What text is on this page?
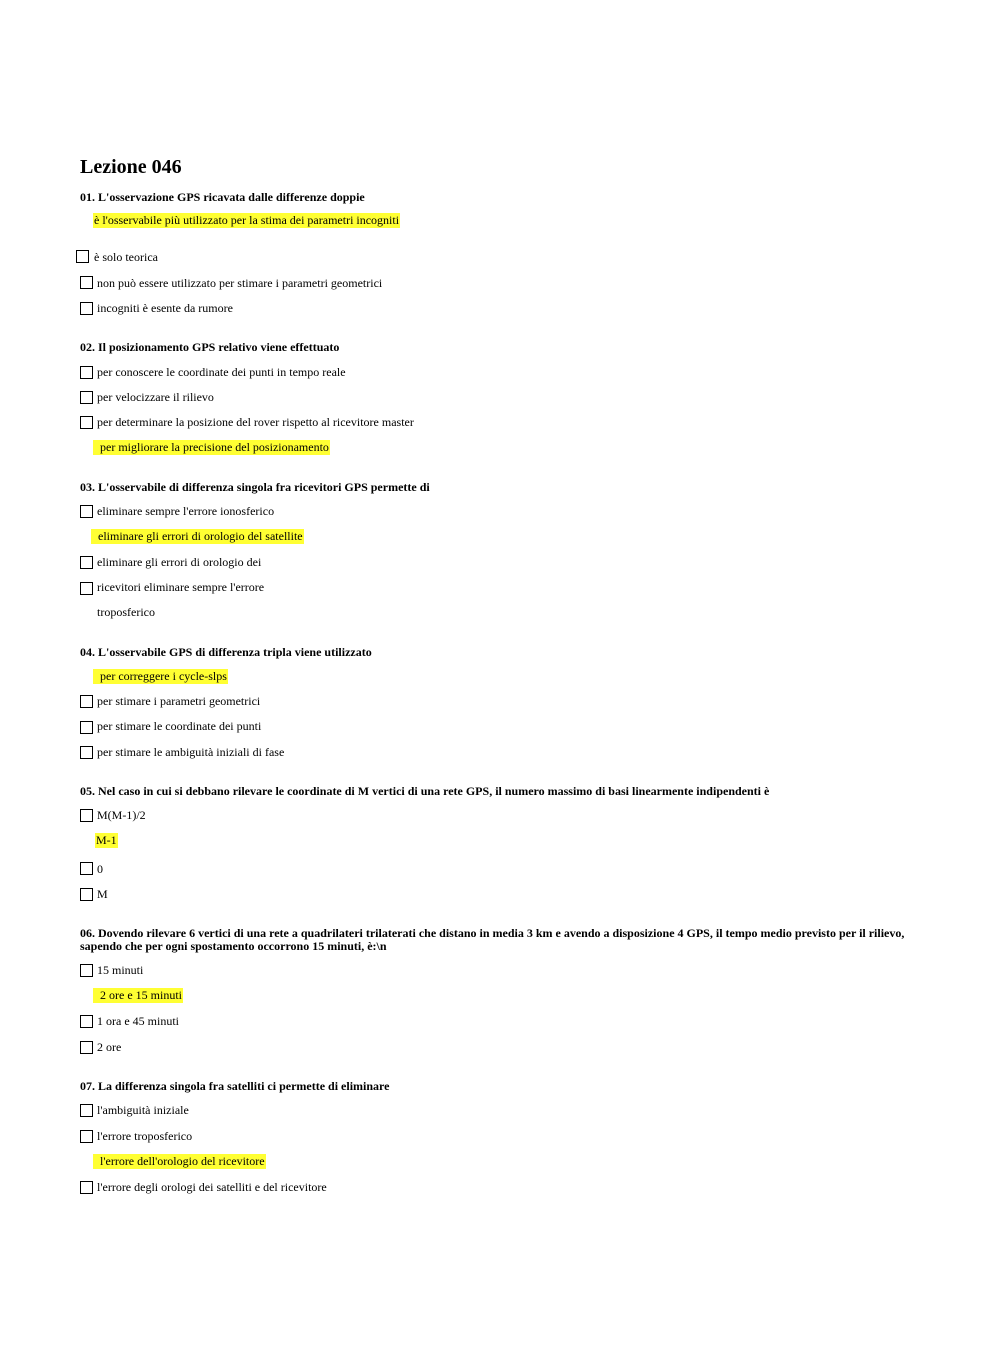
Lezione 046
01. L'osservazione GPS ricavata dalle differenze doppie
è l'osservabile più utilizzato per la stima dei parametri incogniti
è solo teorica
non può essere utilizzato per stimare i parametri geometrici
incogniti è esente da rumore
02. Il posizionamento GPS relativo viene effettuato
per conoscere le coordinate dei punti in tempo reale
per velocizzare il rilievo
per determinare la posizione del rover rispetto al ricevitore master
per migliorare la precisione del posizionamento
03. L'osservabile di differenza singola fra ricevitori GPS permette di
eliminare sempre l'errore ionosferico
eliminare gli errori di orologio del satellite
eliminare gli errori di orologio dei
ricevitori eliminare sempre l'errore
troposferico
04. L'osservabile GPS di differenza tripla viene utilizzato
per correggere i cycle-slps
per stimare i parametri geometrici
per stimare le coordinate dei punti
per stimare le ambiguità iniziali di fase
05. Nel caso in cui si debbano rilevare le coordinate di M vertici di una rete GPS, il numero massimo di basi linearmente indipendenti è
M(M-1)/2
M-1
0
M
06. Dovendo rilevare 6 vertici di una rete a quadrilateri trilaterati che distano in media 3 km e avendo a disposizione 4 GPS, il tempo medio previsto per il rilievo, sapendo che per ogni spostamento occorrono 15 minuti, è:\n
15 minuti
2 ore e 15 minuti
1 ora e 45 minuti
2 ore
07. La differenza singola fra satelliti ci permette di eliminare
l'ambiguità iniziale
l'errore troposferico
l'errore dell'orologio del ricevitore
l'errore degli orologi dei satelliti e del ricevitore
